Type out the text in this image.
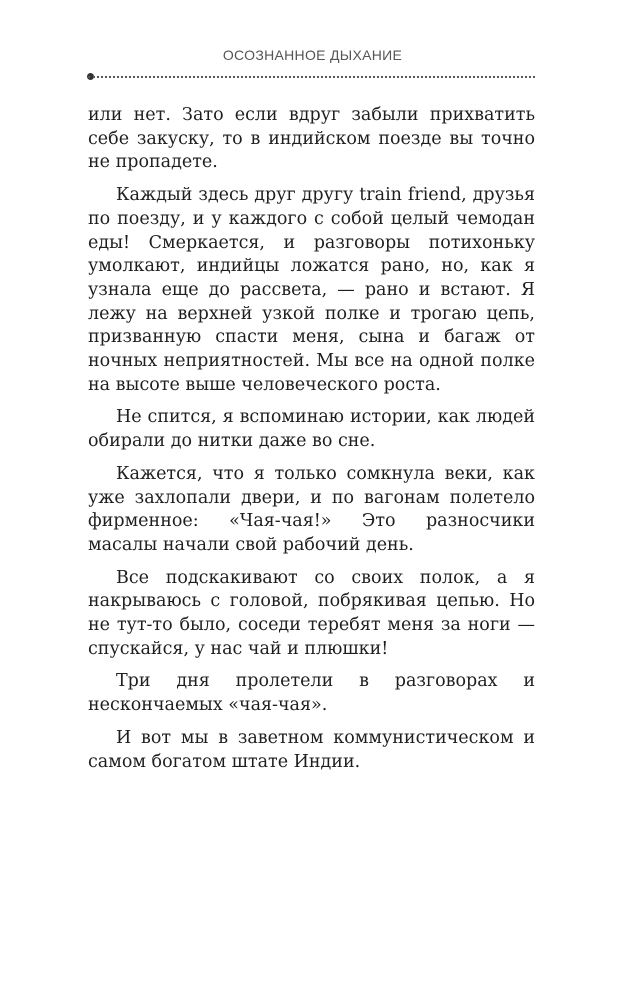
ОСОЗНАННОЕ ДЫХАНИЕ

или нет. Зато если вдруг забыли прихватить себе закуску, то в индийском поезде вы точно не пропадете.

Каждый здесь друг другу train friend, друзья по поезду, и у каждого с собой целый чемодан еды! Смеркается, и разговоры потихоньку умолкают, индийцы ложатся рано, но, как я узнала еще до рассвета, — рано и встают. Я лежу на верхней узкой полке и трогаю цепь, призванную спасти меня, сына и багаж от ночных неприятностей. Мы все на одной полке на высоте выше человеческого роста.

Не спится, я вспоминаю истории, как людей обирали до нитки даже во сне.

Кажется, что я только сомкнула веки, как уже захлопали двери, и по вагонам полетело фирменное: «Чая-чая!» Это разносчики масалы начали свой рабочий день.

Все подскакивают со своих полок, а я накрываюсь с головой, побрякивая цепью. Но не тут-то было, соседи теребят меня за ноги — спускайся, у нас чай и плюшки!

Три дня пролетели в разговорах и нескончаемых «чая-чая».

И вот мы в заветном коммунистическом и самом богатом штате Индии.
